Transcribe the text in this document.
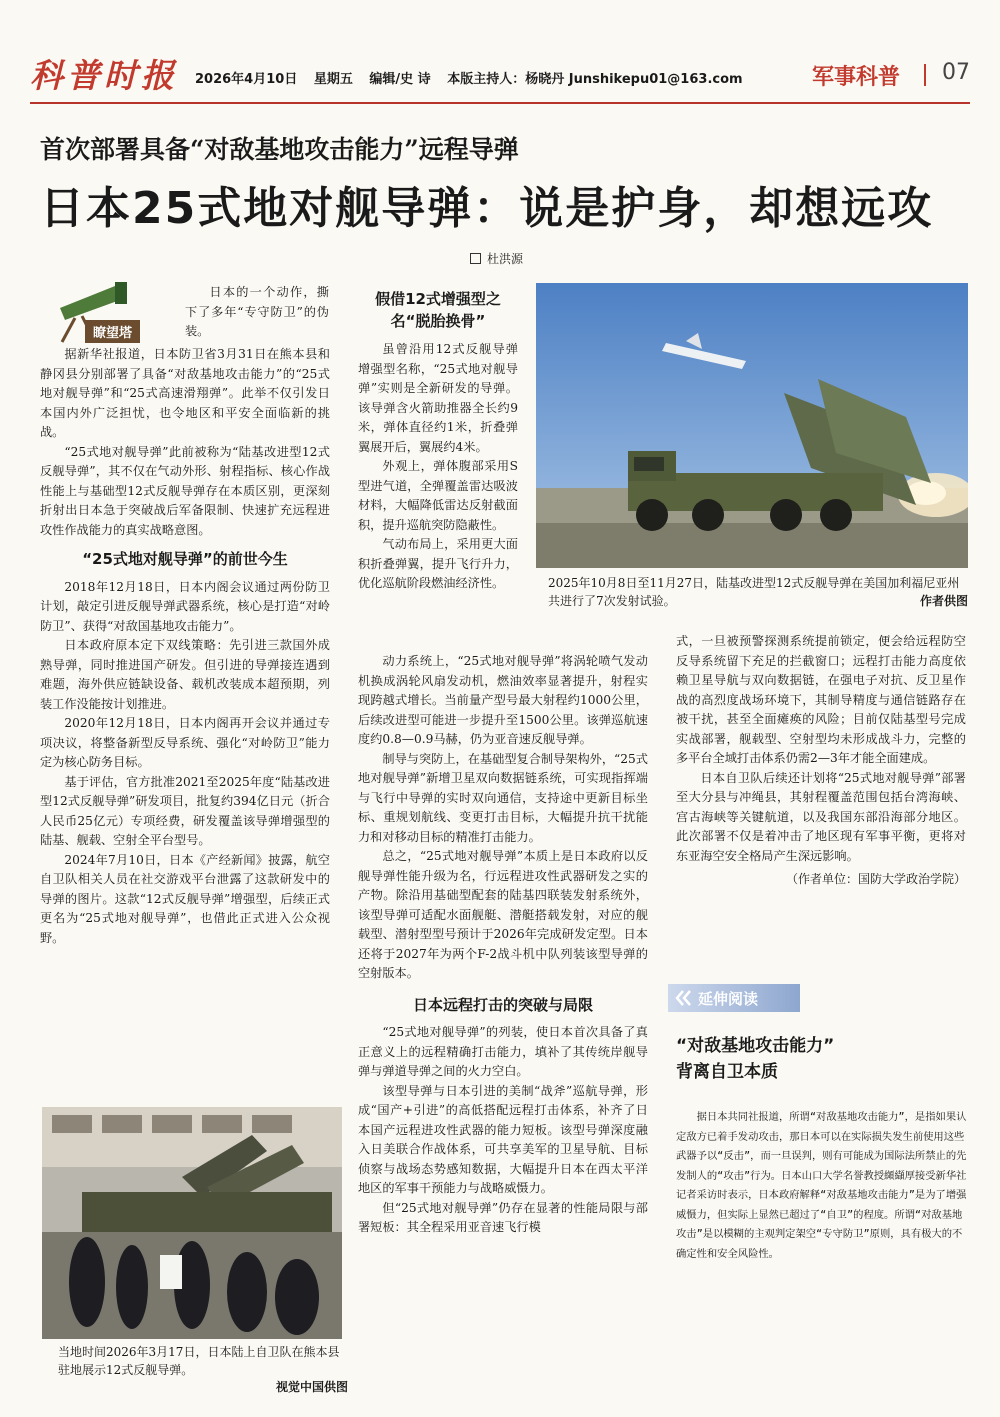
科普时报 2026年4月10日 星期五 编辑/史 诗 本版主持人：杨晓丹 Junshikepu01@163.com	军事科普 07
首次部署具备“对敌基地攻击能力”远程导弹
日本25式地对舰导弹：说是护身，却想远攻
杜洪源
瞭望塔

日本的一个动作，撕下了多年“专守防卫”的伪装。

据新华社报道，日本防卫省3月31日在熊本县和静冈县分别部署了具备“对敌基地攻击能力”的“25式地对舰导弹”和“25式高速滑翔弹”。此举不仅引发日本国内外广泛担忧，也令地区和平安全面临新的挑战。

“25式地对舰导弹”此前被称为“陆基改进型12式反舰导弹”，其不仅在气动外形、射程指标、核心作战性能上与基础型12式反舰导弹存在本质区别，更深刻折射出日本急于突破战后军备限制、快速扩充远程进攻性作战能力的真实战略意图。

“25式地对舰导弹”的前世今生

2018年12月18日，日本内阁会议通过两份防卫计划，敲定引进反舰导弹武器系统，核心是打造“对岭防卫”、获得“对敌国基地攻击能力”。

日本政府原本定下双线策略：先引进三款国外成熟导弹，同时推进国产研发。但引进的导弹接连遇到难题，海外供应链缺设备、载机改装成本超预期，列装工作没能按计划推进。

2020年12月18日，日本内阁再开会议并通过专项决议，将整备新型反导系统、强化“对岭防卫”能力定为核心防务目标。

基于评估，官方批准2021至2025年度“陆基改进型12式反舰导弹”研发项目，批复约394亿日元（折合人民币25亿元）专项经费，研发覆盖该导弹增强型的陆基、舰载、空射全平台型号。

2024年7月10日，日本《产经新闻》披露，航空自卫队相关人员在社交游戏平台泄露了这款研发中的导弹的图片。这款“12式反舰导弹”增强型，后续正式更名为“25式地对舰导弹”，也借此正式进入公众视野。

假借12式增强型之名“脱胎换骨”

虽曾沿用12式反舰导弹增强型名称，“25式地对舰导弹”实则是全新研发的导弹。该导弹含火箭助推器全长约9米，弹体直径约1米，折叠弹翼展开后，翼展约4米。

外观上，弹体腹部采用S型进气道，全弹覆盖雷达吸波材料，大幅降低雷达反射截面积，提升巡航突防隐蔽性。

气动布局上，采用更大面积折叠弹翼，提升飞行升力，优化巡航阶段燃油经济性。

动力系统上，“25式地对舰导弹”将涡轮喷气发动机换成涡轮风扇发动机，燃油效率显著提升，射程实现跨越式增长。当前量产型号最大射程约1000公里，后续改进型可能进一步提升至1500公里。该弹巡航速度约0.8—0.9马赫，仍为亚音速反舰导弹。

制导与突防上，在基础型复合制导架构外，“25式地对舰导弹”新增卫星双向数据链系统，可实现指挥端与飞行中导弹的实时双向通信，支持途中更新目标坐标、重规划航线、变更打击目标，大幅提升抗干扰能力和对移动目标的精准打击能力。

总之，“25式地对舰导弹”本质上是日本政府以反舰导弹性能升级为名，行远程进攻性武器研发之实的产物。除沿用基础型配套的陆基四联装发射系统外，该型导弹可适配水面舰艇、潜艇搭载发射，对应的舰载型、潜射型型号预计于2026年完成研发定型。日本还将于2027年为两个F-2战斗机中队列装该型导弹的空射版本。

日本远程打击的突破与局限

“25式地对舰导弹”的列装，使日本首次具备了真正意义上的远程精确打击能力，填补了其传统岸舰导弹与弹道导弹之间的火力空白。

该型导弹与日本引进的美制“战斧”巡航导弹，形成“国产+引进”的高低搭配远程打击体系，补齐了日本国产远程进攻性武器的能力短板。该型号弹深度融入日美联合作战体系，可共享美军的卫星导航、目标侦察与战场态势感知数据，大幅提升日本在西太平洋地区的军事干预能力与战略威慑力。

但“25式地对舰导弹”仍存在显著的性能局限与部署短板：其全程采用亚音速飞行模

2025年10月8日至11月27日，陆基改进型12式反舰导弹在美国加利福尼亚州共进行了7次发射试验。	作者供图

式，一旦被预警探测系统提前锁定，便会给远程防空反导系统留下充足的拦截窗口；远程打击能力高度依赖卫星导航与双向数据链，在强电子对抗、反卫星作战的高烈度战场环境下，其制导精度与通信链路存在被干扰，甚至全面瘫痪的风险；目前仅陆基型号完成实战部署，舰载型、空射型均未形成战斗力，完整的多平台全域打击体系仍需2—3年才能全面建成。

日本自卫队后续还计划将“25式地对舰导弹”部署至大分县与冲绳县，其射程覆盖范围包括台湾海峡、宫古海峡等关键航道，以及我国东部沿海部分地区。此次部署不仅是着冲击了地区现有军事平衡，更将对东亚海空安全格局产生深远影响。

（作者单位：国防大学政治学院）
延伸阅读
“对敌基地攻击能力”
背离自卫本质

据日本共同社报道，所谓“对敌基地攻击能力”，是指如果认定敌方已着手发动攻击，那日本可以在实际损失发生前使用这些武器予以“反击”，而一旦误判，则有可能成为国际法所禁止的先发制人的“攻击”行为。日本山口大学名誉教授纐纈厚接受新华社记者采访时表示，日本政府解释“对敌基地攻击能力”是为了增强威慑力，但实际上显然已超过了“自卫”的程度。所谓“对敌基地攻击”是以模糊的主观判定架空“专守防卫”原则，具有极大的不确定性和安全风险性。

当地时间2026年3月17日，日本陆上自卫队在熊本县驻地展示12式反舰导弹。
视觉中国供图
